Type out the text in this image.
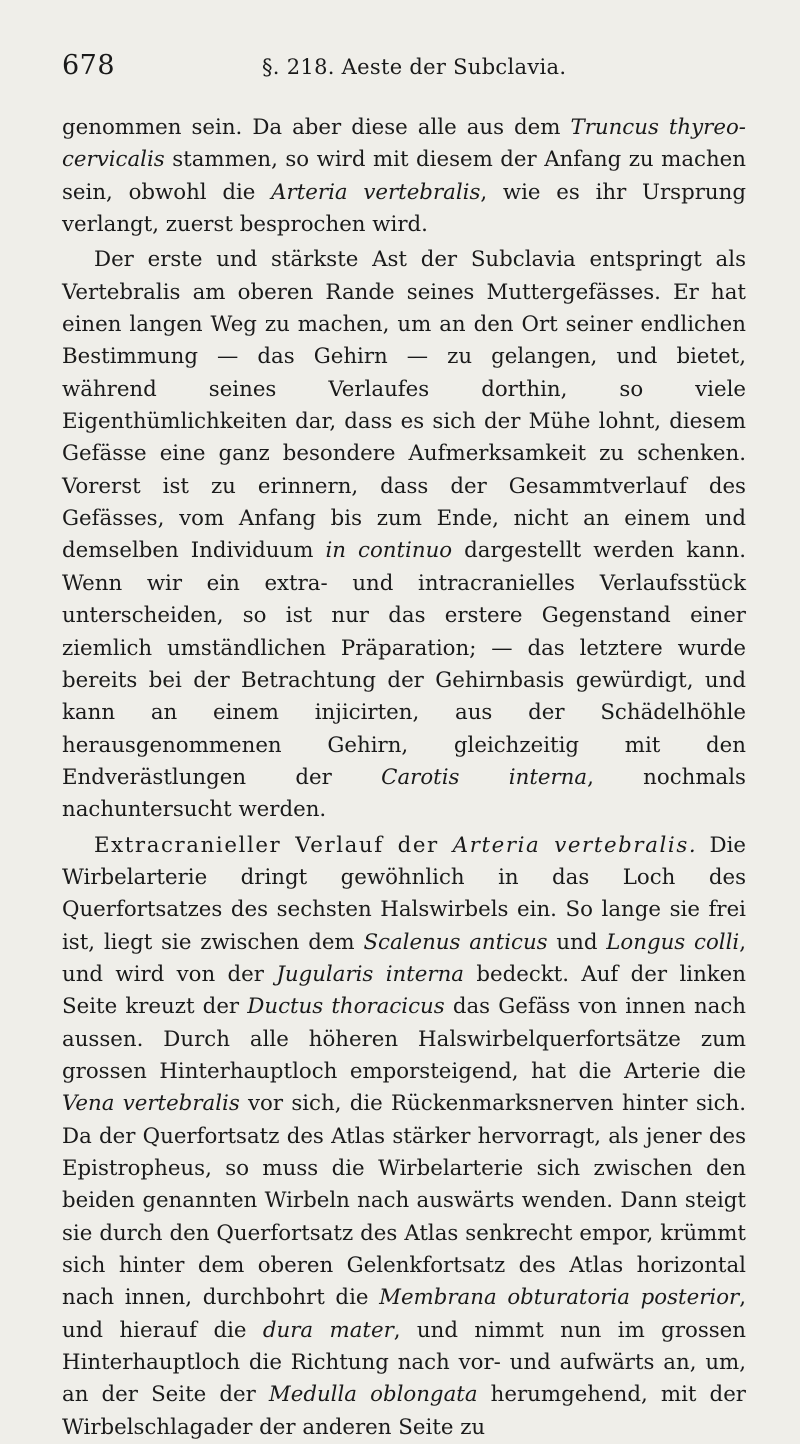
678	§. 218. Aeste der Subclavia.

genommen sein. Da aber diese alle aus dem Truncus thyreo-cervicalis stammen, so wird mit diesem der Anfang zu machen sein, obwohl die Arteria vertebralis, wie es ihr Ursprung verlangt, zuerst besprochen wird.

Der erste und stärkste Ast der Subclavia entspringt als Vertebralis am oberen Rande seines Muttergefässes. Er hat einen langen Weg zu machen, um an den Ort seiner endlichen Bestimmung — das Gehirn — zu gelangen, und bietet, während seines Verlaufes dorthin, so viele Eigenthümlichkeiten dar, dass es sich der Mühe lohnt, diesem Gefässe eine ganz besondere Aufmerksamkeit zu schenken. Vorerst ist zu erinnern, dass der Gesammtverlauf des Gefässes, vom Anfang bis zum Ende, nicht an einem und demselben Individuum in continuo dargestellt werden kann. Wenn wir ein extra- und intracranielles Verlaufsstück unterscheiden, so ist nur das erstere Gegenstand einer ziemlich umständlichen Präparation; — das letztere wurde bereits bei der Betrachtung der Gehirnbasis gewürdigt, und kann an einem injicirten, aus der Schädelhöhle herausgenommenen Gehirn, gleichzeitig mit den Endverästlungen der Carotis interna, nochmals nachuntersucht werden.

Extracranieller Verlauf der Arteria vertebralis. Die Wirbelarterie dringt gewöhnlich in das Loch des Querfortsatzes des sechsten Halswirbels ein. So lange sie frei ist, liegt sie zwischen dem Scalenus anticus und Longus colli, und wird von der Jugularis interna bedeckt. Auf der linken Seite kreuzt der Ductus thoracicus das Gefäss von innen nach aussen. Durch alle höheren Halswirbelquerfortsätze zum grossen Hinterhauptloch emporsteigend, hat die Arterie die Vena vertebralis vor sich, die Rückenmarksnerven hinter sich. Da der Querfortsatz des Atlas stärker hervorragt, als jener des Epistropheus, so muss die Wirbelarterie sich zwischen den beiden genannten Wirbeln nach auswärts wenden. Dann steigt sie durch den Querfortsatz des Atlas senkrecht empor, krümmt sich hinter dem oberen Gelenkfortsatz des Atlas horizontal nach innen, durchbohrt die Membrana obturatoria posterior, und hierauf die dura mater, und nimmt nun im grossen Hinterhauptloch die Richtung nach vor- und aufwärts an, um, an der Seite der Medulla oblongata herumgehend, mit der Wirbelschlagader der anderen Seite zu
